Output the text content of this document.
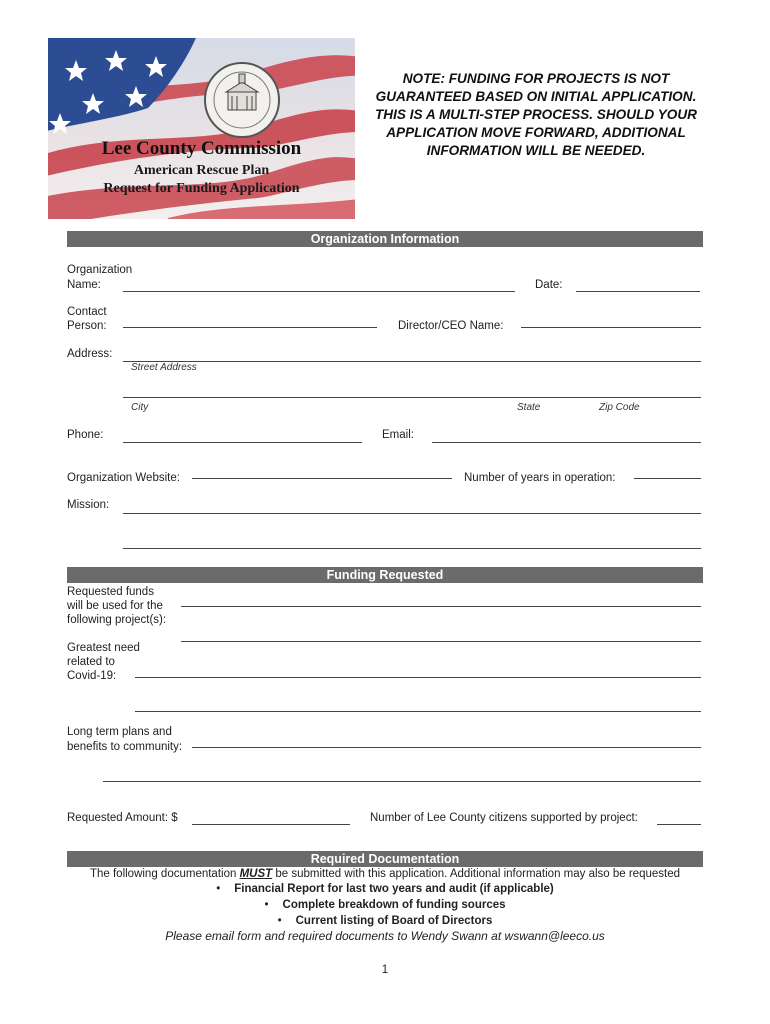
Lee County Commission
American Rescue Plan
Request for Funding Application
NOTE: FUNDING FOR PROJECTS IS NOT GUARANTEED BASED ON INITIAL APPLICATION. THIS IS A MULTI-STEP PROCESS. SHOULD YOUR APPLICATION MOVE FORWARD, ADDITIONAL INFORMATION WILL BE NEEDED.
Organization Information
Organization
Name:	Date:
Contact
Person:	Director/CEO Name:
Address:
Street Address
City	State	Zip Code
Phone:	Email:
Organization Website:	Number of years in operation:
Mission:
Funding Requested
Requested funds
will be used for the
following project(s):
Greatest need
related to
Covid-19:
Long term plans and
benefits to community:
Requested Amount: $	Number of Lee County citizens supported by project:
Required Documentation
The following documentation MUST be submitted with this application. Additional information may also be requested
• Financial Report for last two years and audit (if applicable)
• Complete breakdown of funding sources
• Current listing of Board of Directors
Please email form and required documents to Wendy Swann at wswann@leeco.us
1
